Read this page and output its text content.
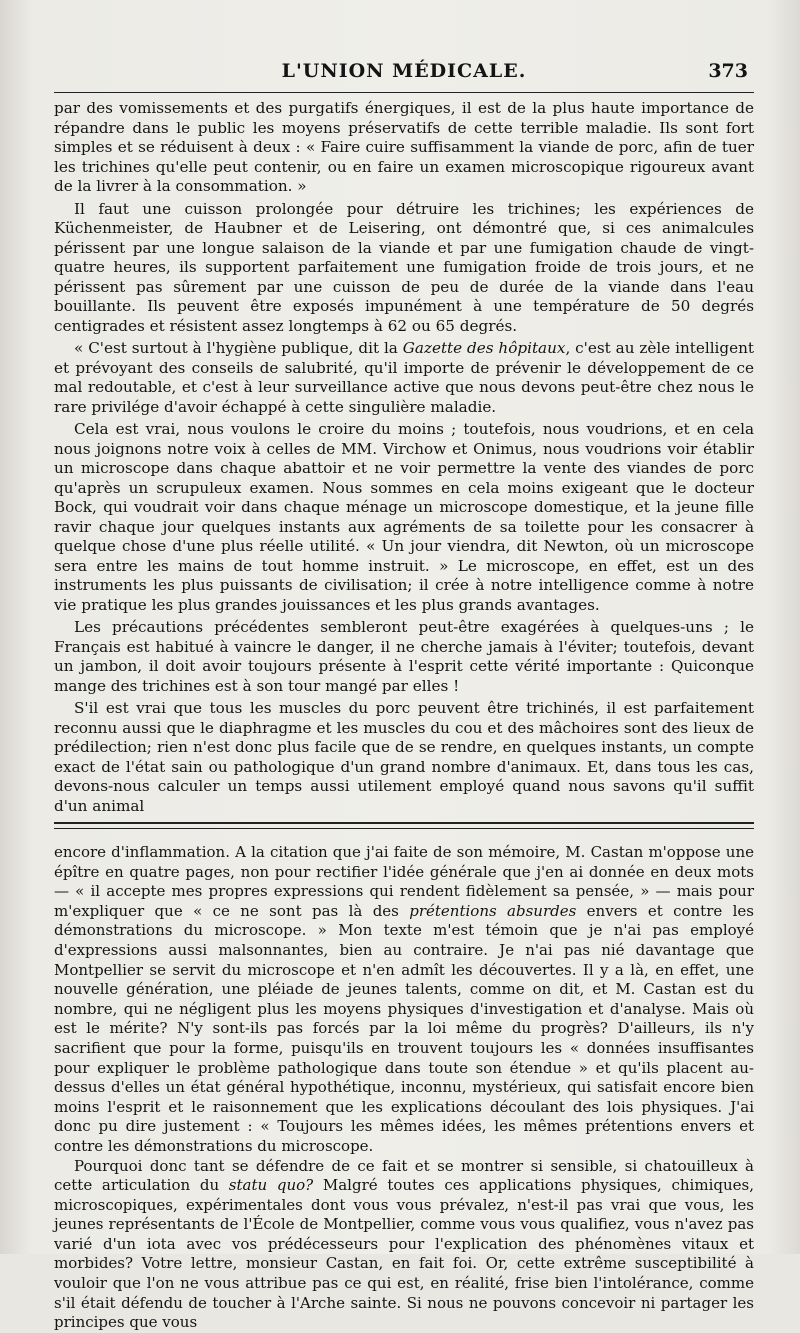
L'UNION MÉDICALE.	373

par des vomissements et des purgatifs énergiques, il est de la plus haute importance de répandre dans le public les moyens préservatifs de cette terrible maladie. Ils sont fort simples et se réduisent à deux : « Faire cuire suffisamment la viande de porc, afin de tuer les trichines qu'elle peut contenir, ou en faire un examen microscopique rigoureux avant de la livrer à la consommation. »

Il faut une cuisson prolongée pour détruire les trichines; les expériences de Küchenmeister, de Haubner et de Leisering, ont démontré que, si ces animalcules périssent par une longue salaison de la viande et par une fumigation chaude de vingt-quatre heures, ils supportent parfaitement une fumigation froide de trois jours, et ne périssent pas sûrement par une cuisson de peu de durée de la viande dans l'eau bouillante. Ils peuvent être exposés impunément à une température de 50 degrés centigrades et résistent assez longtemps à 62 ou 65 degrés.

« C'est surtout à l'hygiène publique, dit la Gazette des hôpitaux, c'est au zèle intelligent et prévoyant des conseils de salubrité, qu'il importe de prévenir le développement de ce mal redoutable, et c'est à leur surveillance active que nous devons peut-être chez nous le rare privilége d'avoir échappé à cette singulière maladie.

Cela est vrai, nous voulons le croire du moins ; toutefois, nous voudrions, et en cela nous joignons notre voix à celles de MM. Virchow et Onimus, nous voudrions voir établir un microscope dans chaque abattoir et ne voir permettre la vente des viandes de porc qu'après un scrupuleux examen. Nous sommes en cela moins exigeant que le docteur Bock, qui voudrait voir dans chaque ménage un microscope domestique, et la jeune fille ravir chaque jour quelques instants aux agréments de sa toilette pour les consacrer à quelque chose d'une plus réelle utilité. « Un jour viendra, dit Newton, où un microscope sera entre les mains de tout homme instruit. » Le microscope, en effet, est un des instruments les plus puissants de civilisation; il crée à notre intelligence comme à notre vie pratique les plus grandes jouissances et les plus grands avantages.

Les précautions précédentes sembleront peut-être exagérées à quelques-uns ; le Français est habitué à vaincre le danger, il ne cherche jamais à l'éviter; toutefois, devant un jambon, il doit avoir toujours présente à l'esprit cette vérité importante : Quiconque mange des trichines est à son tour mangé par elles !

S'il est vrai que tous les muscles du porc peuvent être trichinés, il est parfaitement reconnu aussi que le diaphragme et les muscles du cou et des mâchoires sont des lieux de prédilection; rien n'est donc plus facile que de se rendre, en quelques instants, un compte exact de l'état sain ou pathologique d'un grand nombre d'animaux. Et, dans tous les cas, devons-nous calculer un temps aussi utilement employé quand nous savons qu'il suffit d'un animal

encore d'inflammation. A la citation que j'ai faite de son mémoire, M. Castan m'oppose une épître en quatre pages, non pour rectifier l'idée générale que j'en ai donnée en deux mots — « il accepte mes propres expressions qui rendent fidèlement sa pensée, » — mais pour m'expliquer que « ce ne sont pas là des prétentions absurdes envers et contre les démonstrations du microscope. » Mon texte m'est témoin que je n'ai pas employé d'expressions aussi malsonnantes, bien au contraire. Je n'ai pas nié davantage que Montpellier se servit du microscope et n'en admît les découvertes. Il y a là, en effet, une nouvelle génération, une pléiade de jeunes talents, comme on dit, et M. Castan est du nombre, qui ne négligent plus les moyens physiques d'investigation et d'analyse. Mais où est le mérite? N'y sont-ils pas forcés par la loi même du progrès? D'ailleurs, ils n'y sacrifient que pour la forme, puisqu'ils en trouvent toujours les « données insuffisantes pour expliquer le problème pathologique dans toute son étendue » et qu'ils placent au-dessus d'elles un état général hypothétique, inconnu, mystérieux, qui satisfait encore bien moins l'esprit et le raisonnement que les explications découlant des lois physiques. J'ai donc pu dire justement : « Toujours les mêmes idées, les mêmes prétentions envers et contre les démonstrations du microscope.

Pourquoi donc tant se défendre de ce fait et se montrer si sensible, si chatouilleux à cette articulation du statu quo? Malgré toutes ces applications physiques, chimiques, microscopiques, expérimentales dont vous vous prévalez, n'est-il pas vrai que vous, les jeunes représentants de l'École de Montpellier, comme vous vous qualifiez, vous n'avez pas varié d'un iota avec vos prédécesseurs pour l'explication des phénomènes vitaux et morbides? Votre lettre, monsieur Castan, en fait foi. Or, cette extrême susceptibilité à vouloir que l'on ne vous attribue pas ce qui est, en réalité, frise bien l'intolérance, comme s'il était défendu de toucher à l'Arche sainte. Si nous ne pouvons concevoir ni partager les principes que vous
